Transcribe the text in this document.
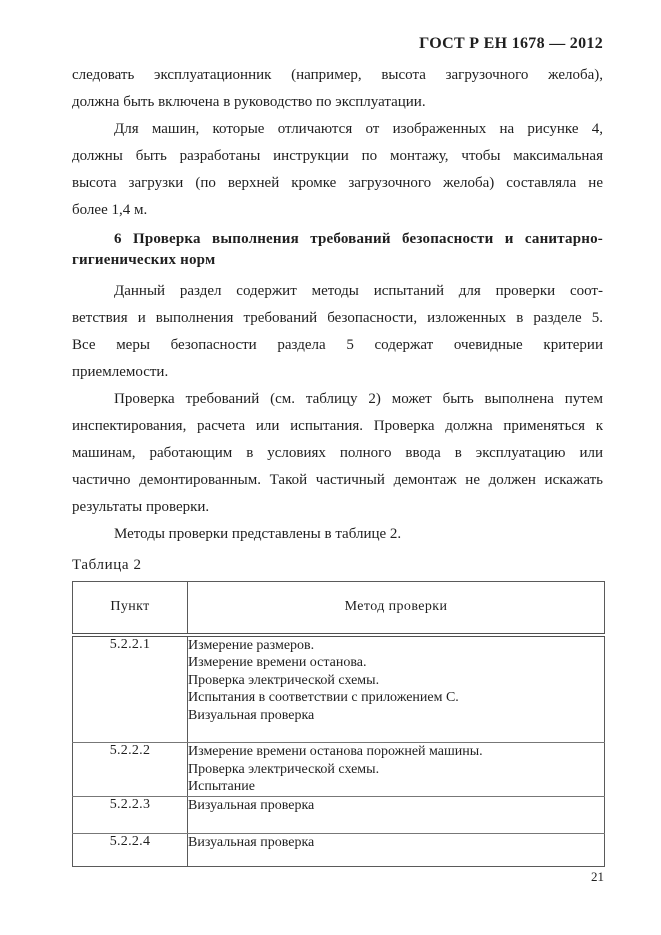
ГОСТ Р ЕН 1678 — 2012
следовать эксплуатационник (например, высота загрузочного желоба),
должна быть включена в руководство по эксплуатации.
Для машин, которые отличаются от изображенных на рисунке 4,
должны быть разработаны инструкции по монтажу, чтобы максимальная
высота загрузки (по верхней кромке загрузочного желоба) составляла не
более 1,4 м.
6 Проверка выполнения требований безопасности и санитарно-
гигиенических норм
Данный раздел содержит методы испытаний для проверки соот-
ветствия и выполнения требований безопасности, изложенных в разделе 5.
Все меры безопасности раздела 5 содержат очевидные критерии
приемлемости.
Проверка требований (см. таблицу 2) может быть выполнена путем
инспектирования, расчета или испытания. Проверка должна применяться к
машинам, работающим в условиях полного ввода в эксплуатацию или
частично демонтированным. Такой частичный демонтаж не должен искажать
результаты проверки.
Методы проверки представлены в таблице 2.
Таблица 2
Пункт	Метод проверки
5.2.2.1	Измерение размеров.
Измерение времени останова.
Проверка электрической схемы.
Испытания в соответствии с приложением С.
Визуальная проверка

5.2.2.2	Измерение времени останова порожней машины.
Проверка электрической схемы.
Испытание

5.2.2.3	Визуальная проверка

5.2.2.4	Визуальная проверка
21
